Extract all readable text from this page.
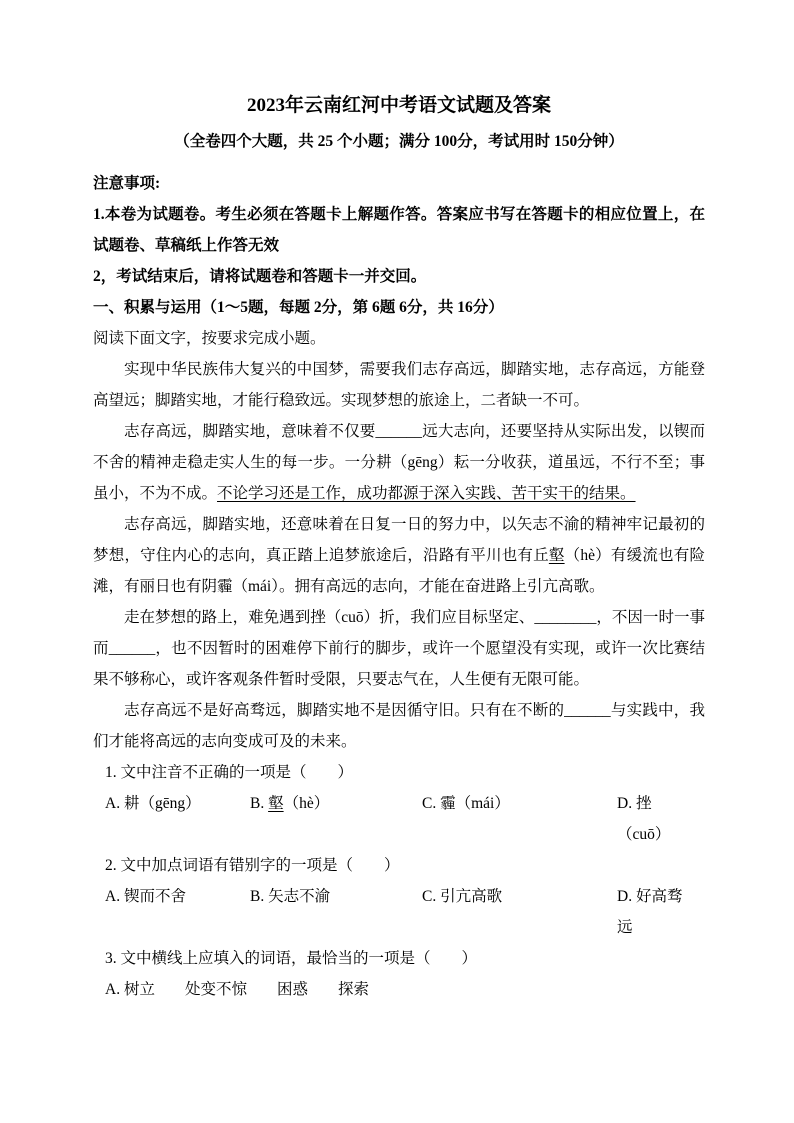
2023年云南红河中考语文试题及答案
（全卷四个大题，共 25 个小题；满分 100分，考试用时 150分钟）
注意事项:

1.本卷为试题卷。考生必须在答题卡上解题作答。答案应书写在答题卡的相应位置上，在试题卷、草稿纸上作答无效

2，考试结束后，请将试题卷和答题卡一并交回。

一、积累与运用（1～5题，每题 2分，第 6题 6分，共 16分）

阅读下面文字，按要求完成小题。

实现中华民族伟大复兴的中国梦，需要我们志存高远，脚踏实地，志存高远，方能登高望远；脚踏实地，才能行稳致远。实现梦想的旅途上，二者缺一不可。

志存高远，脚踏实地，意味着不仅要______远大志向，还要坚持从实际出发，以锲而不舍的精神走稳走实人生的每一步。一分耕（gēng）耘一分收获，道虽远，不行不至；事虽小，不为不成。不论学习还是工作，成功都源于深入实践、苦干实干的结果。

志存高远，脚踏实地，还意味着在日复一日的努力中，以矢志不渝的精神牢记最初的梦想，守住内心的志向，真正踏上追梦旅途后，沿路有平川也有丘壑（hè）有缓流也有险滩，有丽日也有阴霾（mái）。拥有高远的志向，才能在奋进路上引亢高歌。

走在梦想的路上，难免遇到挫（cuō）折，我们应目标坚定、________，不因一时一事而______，也不因暂时的困难停下前行的脚步，或许一个愿望没有实现，或许一次比赛结果不够称心，或许客观条件暂时受限，只要志气在，人生便有无限可能。

志存高远不是好高骛远，脚踏实地不是因循守旧。只有在不断的______与实践中，我们才能将高远的志向变成可及的未来。

1. 文中注音不正确的一项是（　　）

A. 耕（gēng）	B. 壑（hè）	C. 霾（mái）	D. 挫（cuō）

2. 文中加点词语有错别字的一项是（　　）

A. 锲而不舍	B. 矢志不渝	C. 引亢高歌	D. 好高骛远

3. 文中横线上应填入的词语，最恰当的一项是（　　）

A. 树立 处变不惊 困惑 探索
